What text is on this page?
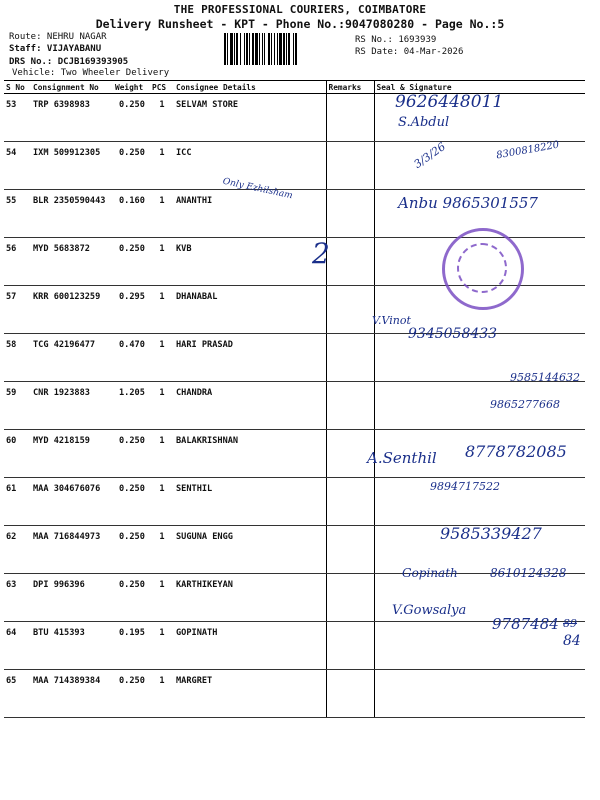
THE PROFESSIONAL COURIERS, COIMBATORE
Delivery Runsheet - KPT - Phone No.:9047080280 - Page No.:5
Route: NEHRU NAGAR
Staff: VIJAYABANU
DRS No.: DCJB169393905
Vehicle: Two Wheeler Delivery
RS No.: 1693939
RS Date: 04-Mar-2026
S No	Consignment No	Weight	PCS	Consignee Details	Remarks	Seal & Signature
53	TRP 6398983	0.250	1	SELVAM STORE		
54	IXM 509912305	0.250	1	ICC		
55	BLR 2350590443	0.160	1	ANANTHI		
56	MYD 5683872	0.250	1	KVB		
57	KRR 600123259	0.295	1	DHANABAL		
58	TCG 42196477	0.470	1	HARI PRASAD		
59	CNR 1923883	1.205	1	CHANDRA		
60	MYD 4218159	0.250	1	BALAKRISHNAN		
61	MAA 304676076	0.250	1	SENTHIL		
62	MAA 716844973	0.250	1	SUGUNA ENGG		
63	DPI 996396	0.250	1	KARTHIKEYAN		
64	BTU 415393	0.195	1	GOPINATH		
65	MAA 714389384	0.250	1	MARGRET		
9626448011
S.Abdul
3/3/26	8300818220
Only Ezhilsham
Anbu 9865301557
2
V.Vinot
9345058433
9585144632
9865277668
A.Senthil 8778782085
9894717522
9585339427
Gopinath	8610124328
V.Gowsalya
9787484 89
84
